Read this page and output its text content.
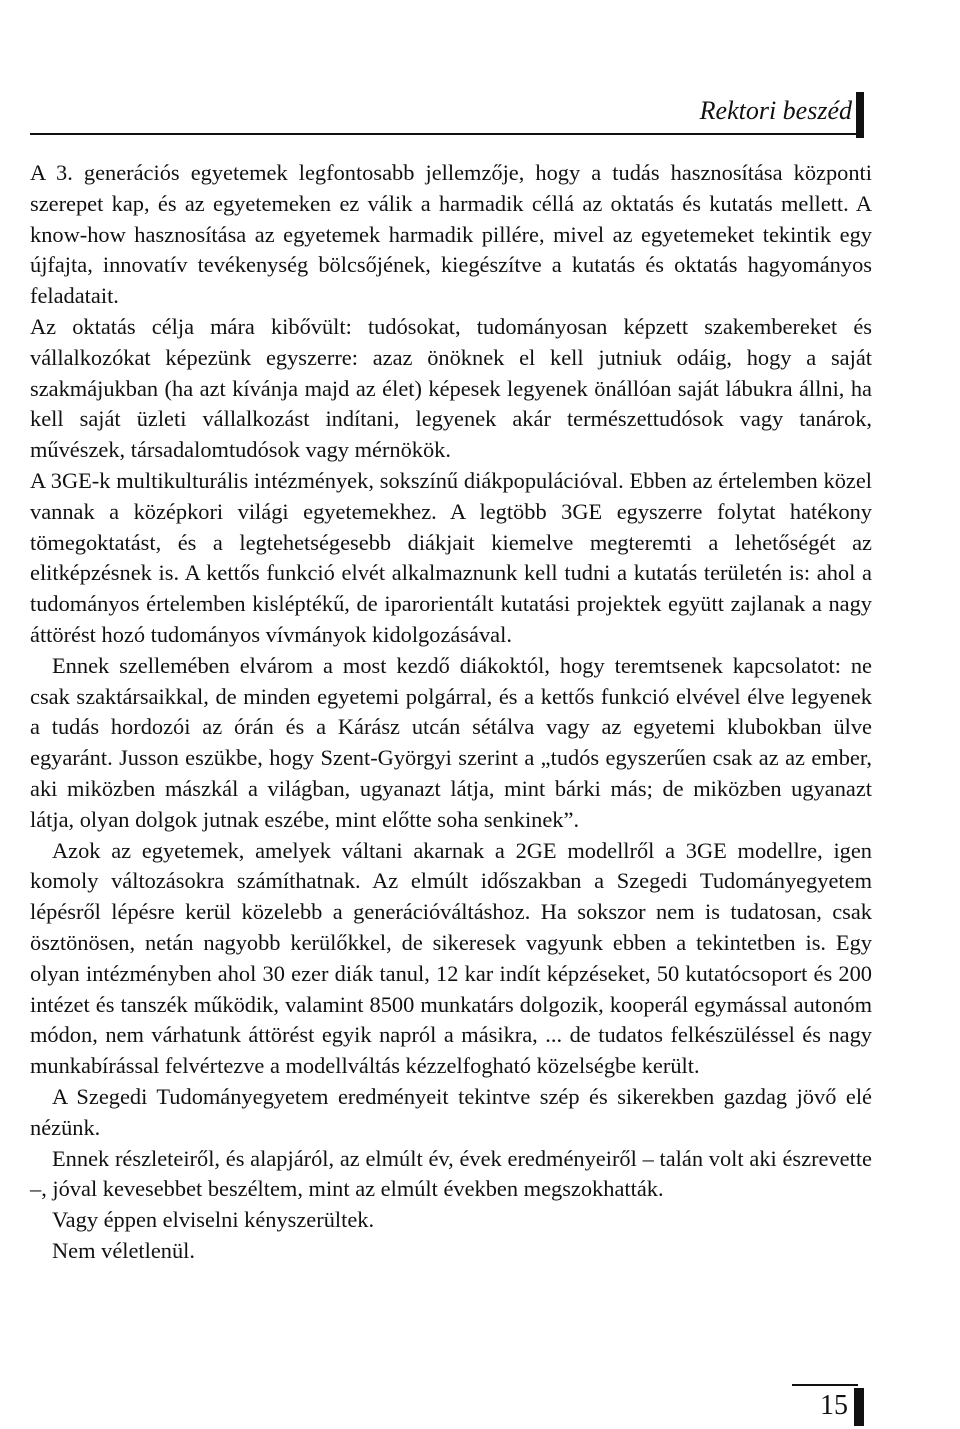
Rektori beszéd

A 3. generációs egyetemek legfontosabb jellemzője, hogy a tudás hasznosítása központi szerepet kap, és az egyetemeken ez válik a harmadik céllá az oktatás és kutatás mellett. A know-how hasznosítása az egyetemek harmadik pillére, mivel az egyetemeket tekintik egy újfajta, innovatív tevékenység bölcsőjének, kiegészítve a kutatás és oktatás hagyományos feladatait.

Az oktatás célja mára kibővült: tudósokat, tudományosan képzett szakembereket és vállalkozókat képezünk egyszerre: azaz önöknek el kell jutniuk odáig, hogy a saját szakmájukban (ha azt kívánja majd az élet) képesek legyenek önállóan saját lábukra állni, ha kell saját üzleti vállalkozást indítani, legyenek akár természettudósok vagy tanárok, művészek, társadalomtudósok vagy mérnökök.

A 3GE-k multikulturális intézmények, sokszínű diákpopulációval. Ebben az értelemben közel vannak a középkori világi egyetemekhez. A legtöbb 3GE egyszerre folytat hatékony tömegoktatást, és a legtehetségesebb diákjait kiemelve megteremti a lehetőségét az elitképzésnek is. A kettős funkció elvét alkalmaznunk kell tudni a kutatás területén is: ahol a tudományos értelemben kisléptékű, de iparorientált kutatási projektek együtt zajlanak a nagy áttörést hozó tudományos vívmányok kidolgozásával.

Ennek szellemében elvárom a most kezdő diákoktól, hogy teremtsenek kapcsolatot: ne csak szaktársaikkal, de minden egyetemi polgárral, és a kettős funkció elvével élve legyenek a tudás hordozói az órán és a Kárász utcán sétálva vagy az egyetemi klubokban ülve egyaránt. Jusson eszükbe, hogy Szent-Györgyi szerint a „tudós egyszerűen csak az az ember, aki miközben mászkál a világban, ugyanazt látja, mint bárki más; de miközben ugyanazt látja, olyan dolgok jutnak eszébe, mint előtte soha senkinek”.

Azok az egyetemek, amelyek váltani akarnak a 2GE modellről a 3GE modellre, igen komoly változásokra számíthatnak. Az elmúlt időszakban a Szegedi Tudományegyetem lépésről lépésre kerül közelebb a generációváltáshoz. Ha sokszor nem is tudatosan, csak ösztönösen, netán nagyobb kerülőkkel, de sikeresek vagyunk ebben a tekintetben is. Egy olyan intézményben ahol 30 ezer diák tanul, 12 kar indít képzéseket, 50 kutatócsoport és 200 intézet és tanszék működik, valamint 8500 munkatárs dolgozik, kooperál egymással autonóm módon, nem várhatunk áttörést egyik napról a másikra, ... de tudatos felkészüléssel és nagy munkabírással felvértezve a modellváltás kézzelfogható közelségbe került.

A Szegedi Tudományegyetem eredményeit tekintve szép és sikerekben gazdag jövő elé nézünk.

Ennek részleteiről, és alapjáról, az elmúlt év, évek eredményeiről – talán volt aki észrevette –, jóval kevesebbet beszéltem, mint az elmúlt években megszokhatták.

Vagy éppen elviselni kényszerültek.

Nem véletlenül.

15
